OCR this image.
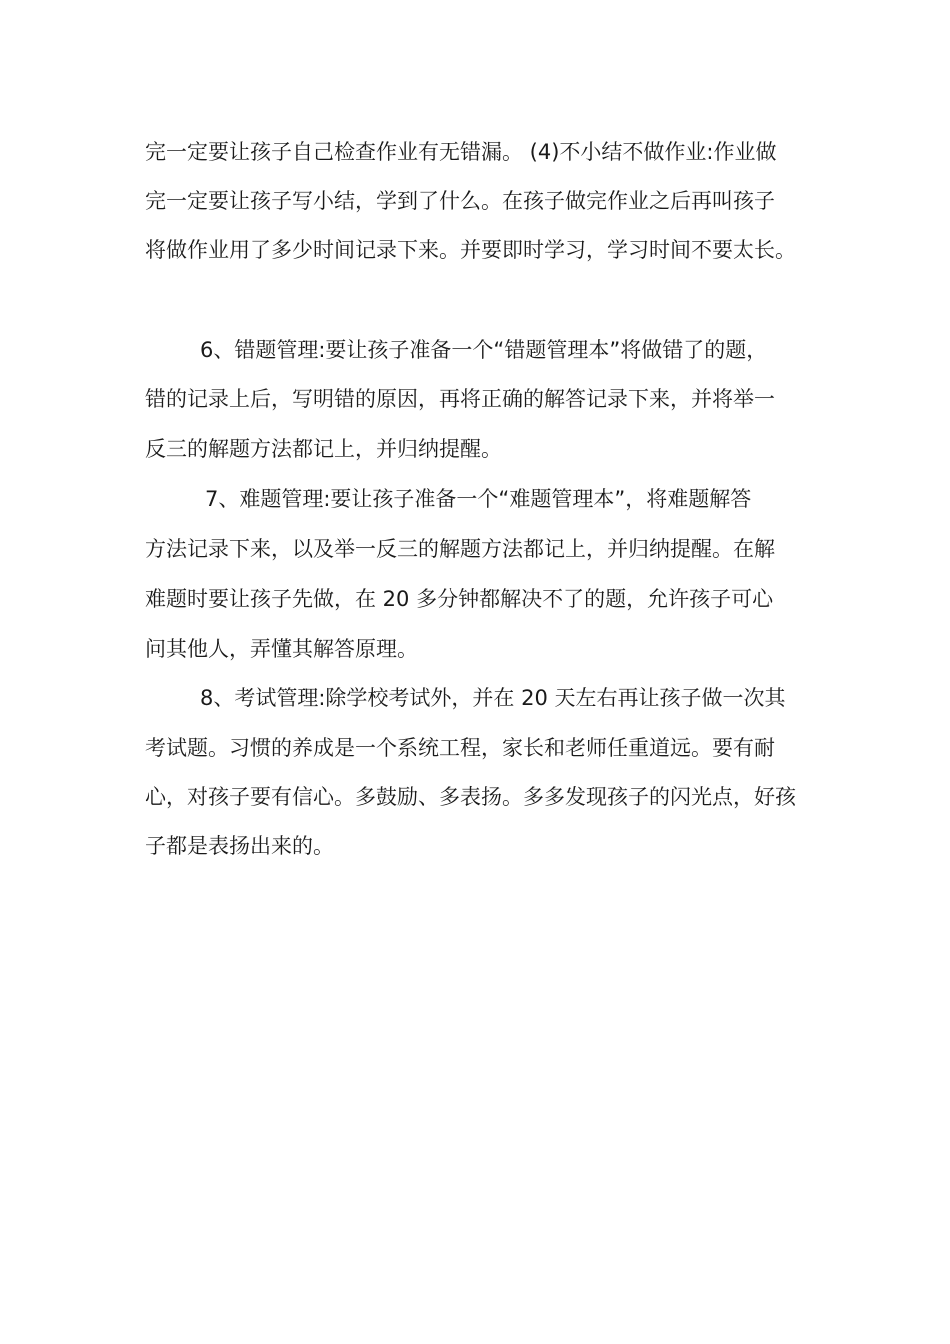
完一定要让孩子自己检查作业有无错漏。 (4)不小结不做作业:作业做
完一定要让孩子写小结，学到了什么。在孩子做完作业之后再叫孩子
将做作业用了多少时间记录下来。并要即时学习，学习时间不要太长。
6、错题管理:要让孩子准备一个“错题管理本”将做错了的题，
错的记录上后，写明错的原因，再将正确的解答记录下来，并将举一
反三的解题方法都记上，并归纳提醒。
7、难题管理:要让孩子准备一个“难题管理本”，将难题解答
方法记录下来，以及举一反三的解题方法都记上，并归纳提醒。在解
难题时要让孩子先做，在 20 多分钟都解决不了的题，允许孩子可心
问其他人，弄懂其解答原理。
8、考试管理:除学校考试外，并在 20 天左右再让孩子做一次其
考试题。习惯的养成是一个系统工程，家长和老师任重道远。要有耐
心，对孩子要有信心。多鼓励、多表扬。多多发现孩子的闪光点，好孩
子都是表扬出来的。
